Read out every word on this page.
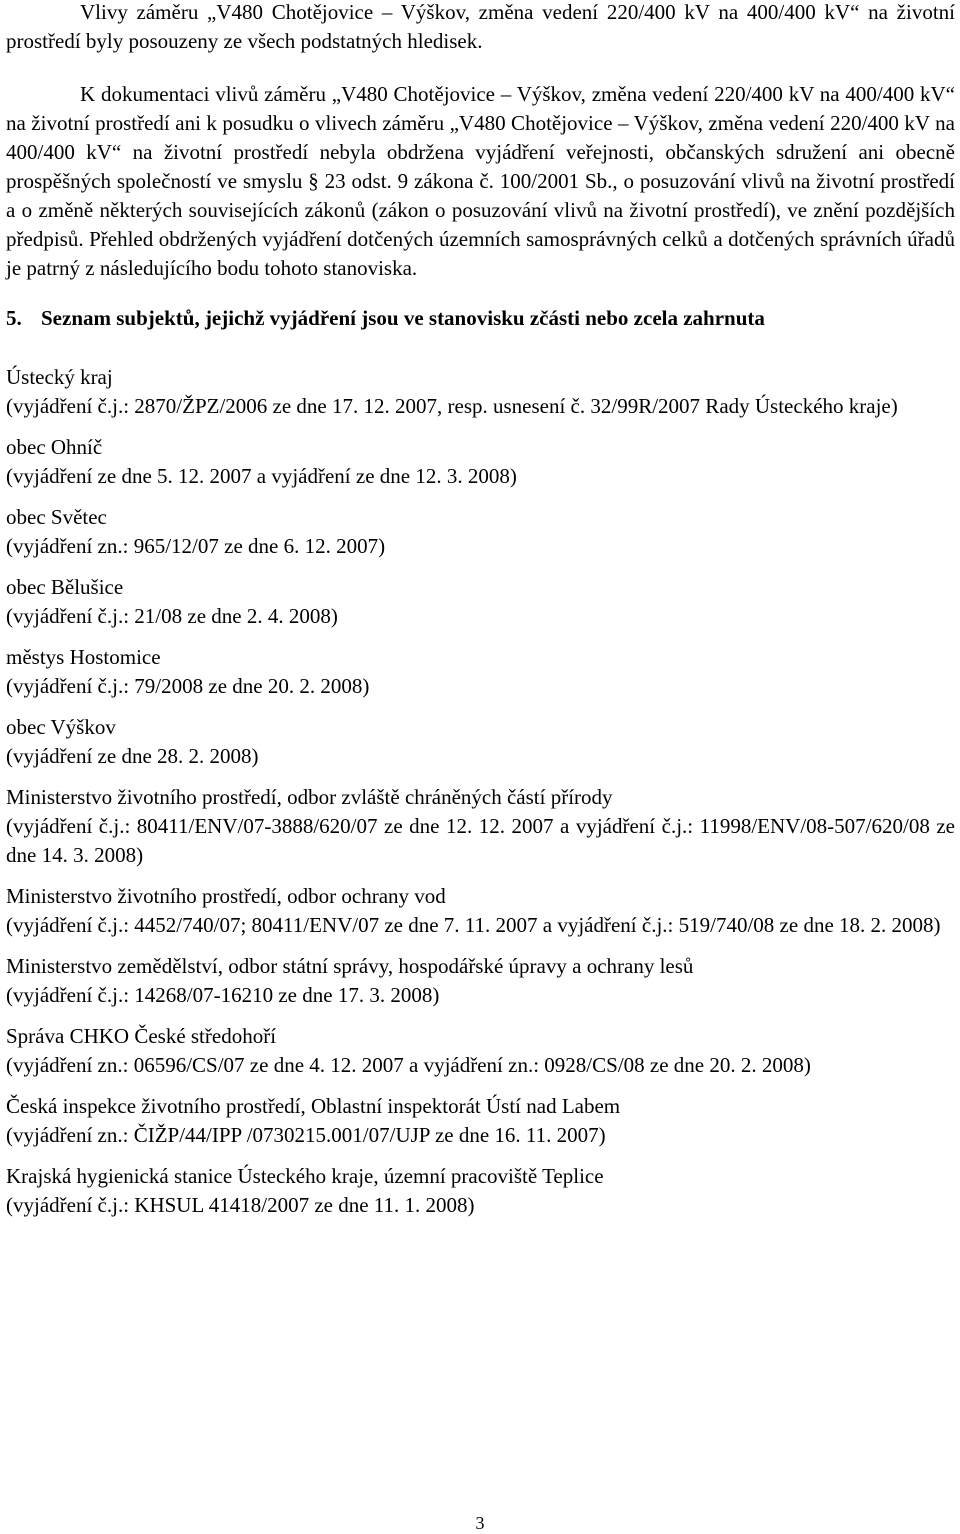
Vlivy záměru „V480 Chotějovice – Výškov, změna vedení 220/400 kV na 400/400 kV“ na životní prostředí byly posouzeny ze všech podstatných hledisek.

K dokumentaci vlivů záměru „V480 Chotějovice – Výškov, změna vedení 220/400 kV na 400/400 kV“ na životní prostředí ani k posudku o vlivech záměru „V480 Chotějovice – Výškov, změna vedení 220/400 kV na 400/400 kV“ na životní prostředí nebyla obdržena vyjádření veřejnosti, občanských sdružení ani obecně prospěšných společností ve smyslu § 23 odst. 9 zákona č. 100/2001 Sb., o posuzování vlivů na životní prostředí a o změně některých souvisejících zákonů (zákon o posuzování vlivů na životní prostředí), ve znění pozdějších předpisů. Přehled obdržených vyjádření dotčených územních samosprávných celků a dotčených správních úřadů je patrný z následujícího bodu tohoto stanoviska.

5. Seznam subjektů, jejichž vyjádření jsou ve stanovisku zčásti nebo zcela zahrnuta

Ústecký kraj

(vyjádření č.j.: 2870/ŽPZ/2006 ze dne 17. 12. 2007, resp. usnesení č. 32/99R/2007 Rady Ústeckého kraje)

obec Ohníč

(vyjádření ze dne 5. 12. 2007 a vyjádření ze dne 12. 3. 2008)

obec Světec

(vyjádření zn.: 965/12/07 ze dne 6. 12. 2007)

obec Bělušice

(vyjádření č.j.: 21/08 ze dne 2. 4. 2008)

městys Hostomice

(vyjádření č.j.: 79/2008 ze dne 20. 2. 2008)

obec Výškov

(vyjádření ze dne 28. 2. 2008)

Ministerstvo životního prostředí, odbor zvláště chráněných částí přírody

(vyjádření č.j.: 80411/ENV/07-3888/620/07 ze dne 12. 12. 2007 a vyjádření č.j.: 11998/ENV/08-507/620/08 ze dne 14. 3. 2008)

Ministerstvo životního prostředí, odbor ochrany vod

(vyjádření č.j.: 4452/740/07; 80411/ENV/07 ze dne 7. 11. 2007 a vyjádření č.j.: 519/740/08 ze dne 18. 2. 2008)

Ministerstvo zemědělství, odbor státní správy, hospodářské úpravy a ochrany lesů

(vyjádření č.j.: 14268/07-16210 ze dne 17. 3. 2008)

Správa CHKO České středohoří

(vyjádření zn.: 06596/CS/07 ze dne 4. 12. 2007 a vyjádření zn.: 0928/CS/08 ze dne 20. 2. 2008)

Česká inspekce životního prostředí, Oblastní inspektorát Ústí nad Labem

(vyjádření zn.: ČIŽP/44/IPP /0730215.001/07/UJP ze dne 16. 11. 2007)

Krajská hygienická stanice Ústeckého kraje, územní pracoviště Teplice

(vyjádření č.j.: KHSUL 41418/2007 ze dne 11. 1. 2008)

3
